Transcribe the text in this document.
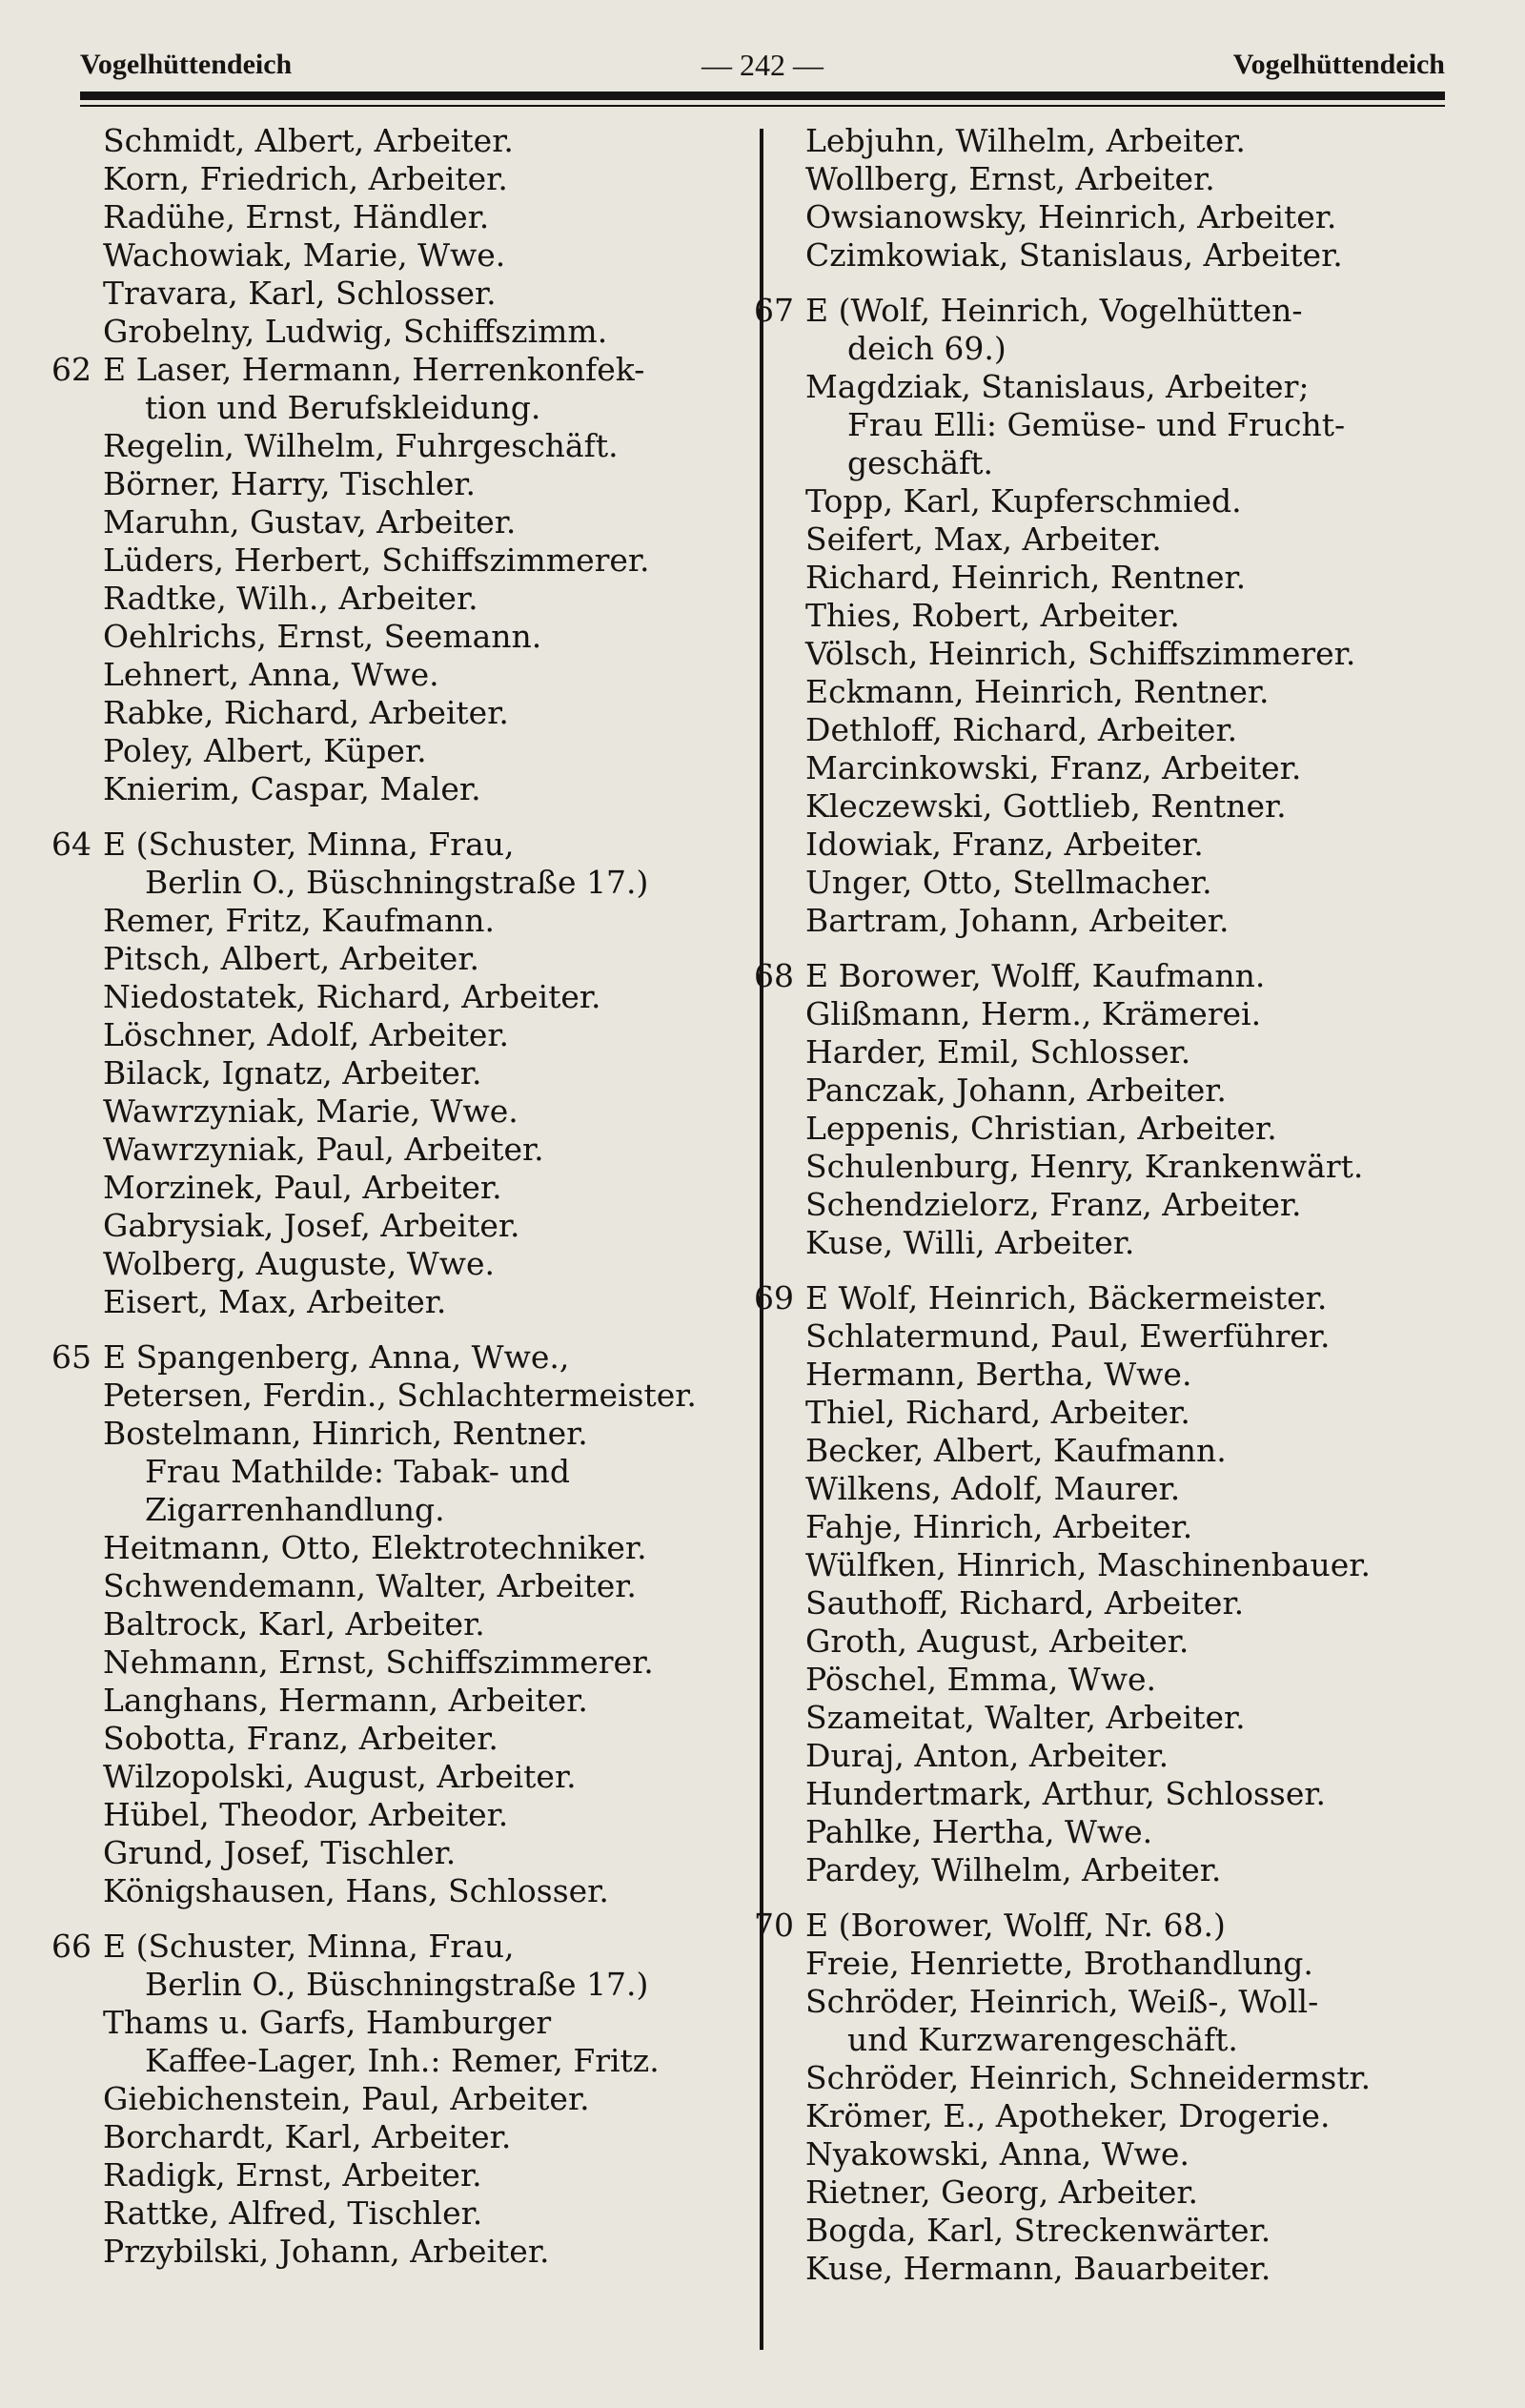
Vogelhüttendeich	— 242 —	Vogelhüttendeich
Schmidt, Albert, Arbeiter.
Korn, Friedrich, Arbeiter.
Radühe, Ernst, Händler.
Wachowiak, Marie, Wwe.
Travara, Karl, Schlosser.
Grobelny, Ludwig, Schiffszimm.
62 E Laser, Hermann, Herrenkonfek-
tion und Berufskleidung.
Regelin, Wilhelm, Fuhrgeschäft.
Börner, Harry, Tischler.
Maruhn, Gustav, Arbeiter.
Lüders, Herbert, Schiffszimmerer.
Radtke, Wilh., Arbeiter.
Oehlrichs, Ernst, Seemann.
Lehnert, Anna, Wwe.
Rabke, Richard, Arbeiter.
Poley, Albert, Küper.
Knierim, Caspar, Maler.
64 E (Schuster, Minna, Frau,
Berlin O., Büschningstraße 17.)
Remer, Fritz, Kaufmann.
Pitsch, Albert, Arbeiter.
Niedostatek, Richard, Arbeiter.
Löschner, Adolf, Arbeiter.
Bilack, Ignatz, Arbeiter.
Wawrzyniak, Marie, Wwe.
Wawrzyniak, Paul, Arbeiter.
Morzinek, Paul, Arbeiter.
Gabrysiak, Josef, Arbeiter.
Wolberg, Auguste, Wwe.
Eisert, Max, Arbeiter.
65 E Spangenberg, Anna, Wwe.,
Petersen, Ferdin., Schlachtermeister.
Bostelmann, Hinrich, Rentner.
Frau Mathilde: Tabak- und
Zigarrenhandlung.
Heitmann, Otto, Elektrotechniker.
Schwendemann, Walter, Arbeiter.
Baltrock, Karl, Arbeiter.
Nehmann, Ernst, Schiffszimmerer.
Langhans, Hermann, Arbeiter.
Sobotta, Franz, Arbeiter.
Wilzopolski, August, Arbeiter.
Hübel, Theodor, Arbeiter.
Grund, Josef, Tischler.
Königshausen, Hans, Schlosser.
66 E (Schuster, Minna, Frau,
Berlin O., Büschningstraße 17.)
Thams u. Garfs, Hamburger
Kaffee-Lager, Inh.: Remer, Fritz.
Giebichenstein, Paul, Arbeiter.
Borchardt, Karl, Arbeiter.
Radigk, Ernst, Arbeiter.
Rattke, Alfred, Tischler.
Przybilski, Johann, Arbeiter.
Lebjuhn, Wilhelm, Arbeiter.
Wollberg, Ernst, Arbeiter.
Owsianowsky, Heinrich, Arbeiter.
Czimkowiak, Stanislaus, Arbeiter.
67 E (Wolf, Heinrich, Vogelhütten-
deich 69.)
Magdziak, Stanislaus, Arbeiter;
Frau Elli: Gemüse- und Frucht-
geschäft.
Topp, Karl, Kupferschmied.
Seifert, Max, Arbeiter.
Richard, Heinrich, Rentner.
Thies, Robert, Arbeiter.
Völsch, Heinrich, Schiffszimmerer.
Eckmann, Heinrich, Rentner.
Dethloff, Richard, Arbeiter.
Marcinkowski, Franz, Arbeiter.
Kleczewski, Gottlieb, Rentner.
Idowiak, Franz, Arbeiter.
Unger, Otto, Stellmacher.
Bartram, Johann, Arbeiter.
68 E Borower, Wolff, Kaufmann.
Glißmann, Herm., Krämerei.
Harder, Emil, Schlosser.
Panczak, Johann, Arbeiter.
Leppenis, Christian, Arbeiter.
Schulenburg, Henry, Krankenwärt.
Schendzielorz, Franz, Arbeiter.
Kuse, Willi, Arbeiter.
69 E Wolf, Heinrich, Bäckermeister.
Schlatermund, Paul, Ewerführer.
Hermann, Bertha, Wwe.
Thiel, Richard, Arbeiter.
Becker, Albert, Kaufmann.
Wilkens, Adolf, Maurer.
Fahje, Hinrich, Arbeiter.
Wülfken, Hinrich, Maschinenbauer.
Sauthoff, Richard, Arbeiter.
Groth, August, Arbeiter.
Pöschel, Emma, Wwe.
Szameitat, Walter, Arbeiter.
Duraj, Anton, Arbeiter.
Hundertmark, Arthur, Schlosser.
Pahlke, Hertha, Wwe.
Pardey, Wilhelm, Arbeiter.
70 E (Borower, Wolff, Nr. 68.)
Freie, Henriette, Brothandlung.
Schröder, Heinrich, Weiß-, Woll-
und Kurzwarengeschäft.
Schröder, Heinrich, Schneidermstr.
Krömer, E., Apotheker, Drogerie.
Nyakowski, Anna, Wwe.
Rietner, Georg, Arbeiter.
Bogda, Karl, Streckenwärter.
Kuse, Hermann, Bauarbeiter.
